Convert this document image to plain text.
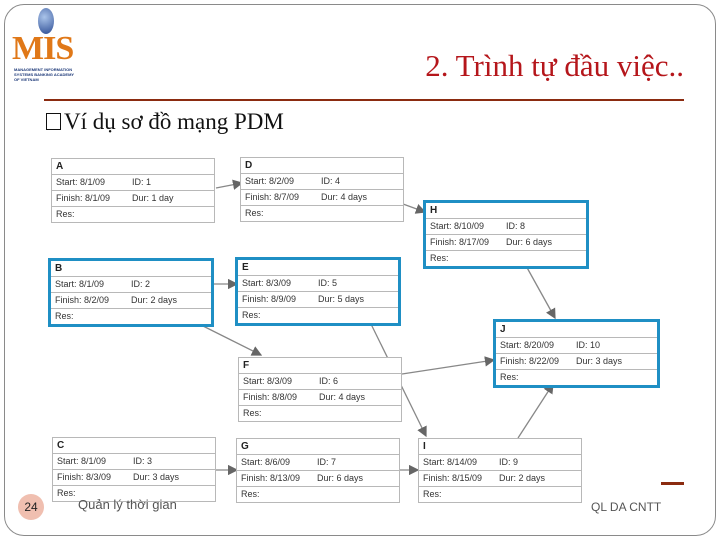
MIS
MANAGEMENT INFORMATION SYSTEMS BANKING ACADEMY OF VIETNAM	2. Trình tự đầu việc..
Ví dụ sơ đồ mạng PDM
A
Start: 8/1/09	ID: 1
Finish: 8/1/09 Dur: 1 day
Res:
D
Start: 8/2/09	ID: 4
Finish: 8/7/09 Dur: 4 days
Res:	H
Start: 8/10/09 ID: 8
Finish: 8/17/09 Dur: 6 days
Res:
B
Start: 8/1/09	ID: 2
Finish: 8/2/09 Dur: 2 days
Res:
E
Start: 8/3/09	ID: 5
Finish: 8/9/09 Dur: 5 days
Res:
J
Start: 8/20/09 ID: 10
Finish: 8/22/09 Dur: 3 days
Res:
F
Start: 8/3/09	ID: 6
Finish: 8/8/09 Dur: 4 days
Res:
C
Start: 8/1/09	ID: 3
Finish: 8/3/09 Dur: 3 days
Res:
G
Start: 8/6/09	ID: 7
Finish: 8/13/09 Dur: 6 days
Res:
I
Start: 8/14/09 ID: 9
Finish: 8/15/09 Dur: 2 days
Res:
24	Quản lý thời gian	QL DA CNTT
